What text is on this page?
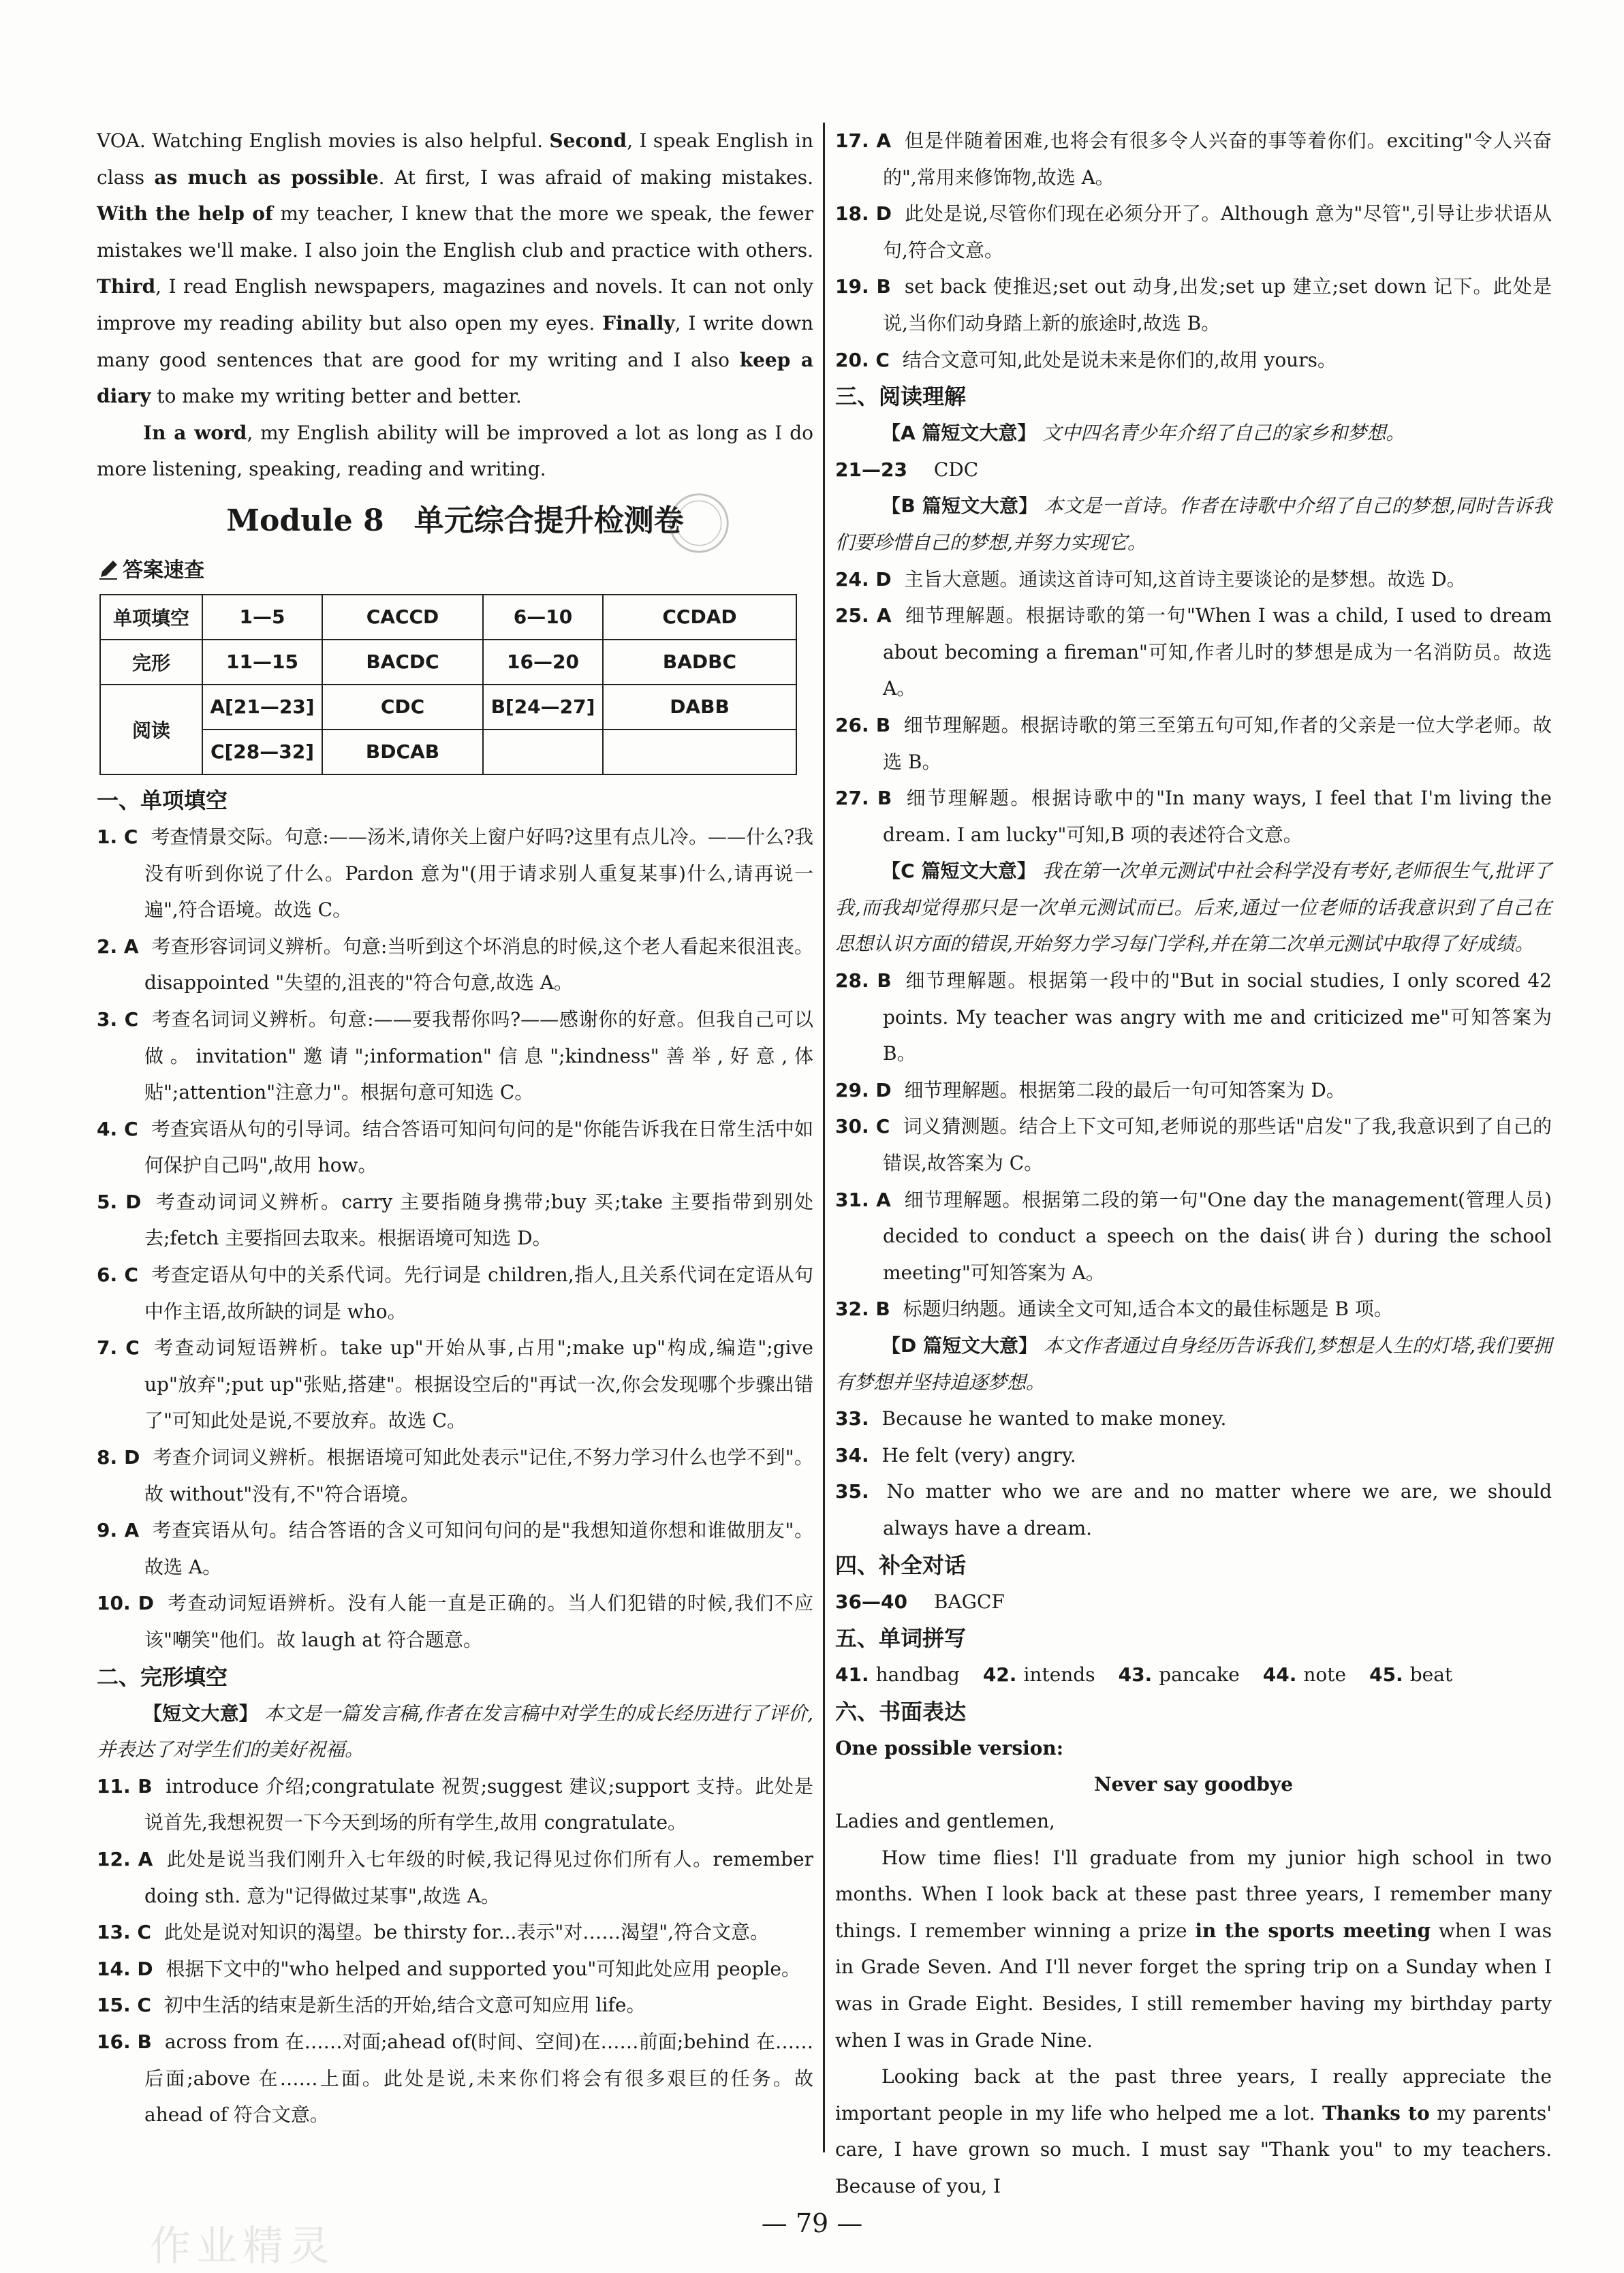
VOA. Watching English movies is also helpful. Second, I speak English in class as much as possible. At first, I was afraid of making mistakes. With the help of my teacher, I knew that the more we speak, the fewer mistakes we'll make. I also join the English club and practice with others. Third, I read English newspapers, magazines and novels. It can not only improve my reading ability but also open my eyes. Finally, I write down many good sentences that are good for my writing and I also keep a diary to make my writing better and better.
In a word, my English ability will be improved a lot as long as I do more listening, speaking, reading and writing.
Module 8　单元综合提升检测卷
答案速查
单项填空	1—5	CACCD	6—10	CCDAD
完形	11—15	BACDC	16—20	BADBC
阅读	A[21—23]	CDC	B[24—27]	DABB
	C[28—32]	BDCAB		
一、单项填空
1. C 考查情景交际。句意:——汤米,请你关上窗户好吗?这里有点儿冷。——什么?我没有听到你说了什么。Pardon 意为"(用于请求别人重复某事)什么,请再说一遍",符合语境。故选 C。
2. A 考查形容词词义辨析。句意:当听到这个坏消息的时候,这个老人看起来很沮丧。disappointed "失望的,沮丧的"符合句意,故选 A。
3. C 考查名词词义辨析。句意:——要我帮你吗?——感谢你的好意。但我自己可以做。invitation"邀请";information"信息";kindness"善举,好意,体贴";attention"注意力"。根据句意可知选 C。
4. C 考查宾语从句的引导词。结合答语可知问句问的是"你能告诉我在日常生活中如何保护自己吗",故用 how。
5. D 考查动词词义辨析。carry 主要指随身携带;buy 买;take 主要指带到别处去;fetch 主要指回去取来。根据语境可知选 D。
6. C 考查定语从句中的关系代词。先行词是 children,指人,且关系代词在定语从句中作主语,故所缺的词是 who。
7. C 考查动词短语辨析。take up"开始从事,占用";make up"构成,编造";give up"放弃";put up"张贴,搭建"。根据设空后的"再试一次,你会发现哪个步骤出错了"可知此处是说,不要放弃。故选 C。
8. D 考查介词词义辨析。根据语境可知此处表示"记住,不努力学习什么也学不到"。故 without"没有,不"符合语境。
9. A 考查宾语从句。结合答语的含义可知问句问的是"我想知道你想和谁做朋友"。故选 A。
10. D 考查动词短语辨析。没有人能一直是正确的。当人们犯错的时候,我们不应该"嘲笑"他们。故 laugh at 符合题意。
二、完形填空
【短文大意】 本文是一篇发言稿,作者在发言稿中对学生的成长经历进行了评价,并表达了对学生们的美好祝福。
11. B introduce 介绍;congratulate 祝贺;suggest 建议;support 支持。此处是说首先,我想祝贺一下今天到场的所有学生,故用 congratulate。
12. A 此处是说当我们刚升入七年级的时候,我记得见过你们所有人。remember doing sth. 意为"记得做过某事",故选 A。
13. C 此处是说对知识的渴望。be thirsty for...表示"对……渴望",符合文意。
14. D 根据下文中的"who helped and supported you"可知此处应用 people。
15. C 初中生活的结束是新生活的开始,结合文意可知应用 life。
16. B across from 在……对面;ahead of(时间、空间)在……前面;behind 在……后面;above 在……上面。此处是说,未来你们将会有很多艰巨的任务。故 ahead of 符合文意。
17. A 但是伴随着困难,也将会有很多令人兴奋的事等着你们。exciting"令人兴奋的",常用来修饰物,故选 A。
18. D 此处是说,尽管你们现在必须分开了。Although 意为"尽管",引导让步状语从句,符合文意。
19. B set back 使推迟;set out 动身,出发;set up 建立;set down 记下。此处是说,当你们动身踏上新的旅途时,故选 B。
20. C 结合文意可知,此处是说未来是你们的,故用 yours。
三、阅读理解
【A 篇短文大意】 文中四名青少年介绍了自己的家乡和梦想。
21—23 CDC
【B 篇短文大意】 本文是一首诗。作者在诗歌中介绍了自己的梦想,同时告诉我们要珍惜自己的梦想,并努力实现它。
24. D 主旨大意题。通读这首诗可知,这首诗主要谈论的是梦想。故选 D。
25. A 细节理解题。根据诗歌的第一句"When I was a child, I used to dream about becoming a fireman"可知,作者儿时的梦想是成为一名消防员。故选 A。
26. B 细节理解题。根据诗歌的第三至第五句可知,作者的父亲是一位大学老师。故选 B。
27. B 细节理解题。根据诗歌中的"In many ways, I feel that I'm living the dream. I am lucky"可知,B 项的表述符合文意。
【C 篇短文大意】 我在第一次单元测试中社会科学没有考好,老师很生气,批评了我,而我却觉得那只是一次单元测试而已。后来,通过一位老师的话我意识到了自己在思想认识方面的错误,开始努力学习每门学科,并在第二次单元测试中取得了好成绩。
28. B 细节理解题。根据第一段中的"But in social studies, I only scored 42 points. My teacher was angry with me and criticized me"可知答案为 B。
29. D 细节理解题。根据第二段的最后一句可知答案为 D。
30. C 词义猜测题。结合上下文可知,老师说的那些话"启发"了我,我意识到了自己的错误,故答案为 C。
31. A 细节理解题。根据第二段的第一句"One day the management(管理人员) decided to conduct a speech on the dais(讲台) during the school meeting"可知答案为 A。
32. B 标题归纳题。通读全文可知,适合本文的最佳标题是 B 项。
【D 篇短文大意】 本文作者通过自身经历告诉我们,梦想是人生的灯塔,我们要拥有梦想并坚持追逐梦想。
33. Because he wanted to make money.
34. He felt (very) angry.
35. No matter who we are and no matter where we are, we should always have a dream.
四、补全对话
36—40 BAGCF
五、单词拼写
41. handbag 42. intends 43. pancake 44. note 45. beat
六、书面表达
One possible version:
Never say goodbye
Ladies and gentlemen,
How time flies! I'll graduate from my junior high school in two months. When I look back at these past three years, I remember many things. I remember winning a prize in the sports meeting when I was in Grade Seven. And I'll never forget the spring trip on a Sunday when I was in Grade Eight. Besides, I still remember having my birthday party when I was in Grade Nine.
Looking back at the past three years, I really appreciate the important people in my life who helped me a lot. Thanks to my parents' care, I have grown so much. I must say "Thank you" to my teachers. Because of you, I
— 79 —
作业精灵
